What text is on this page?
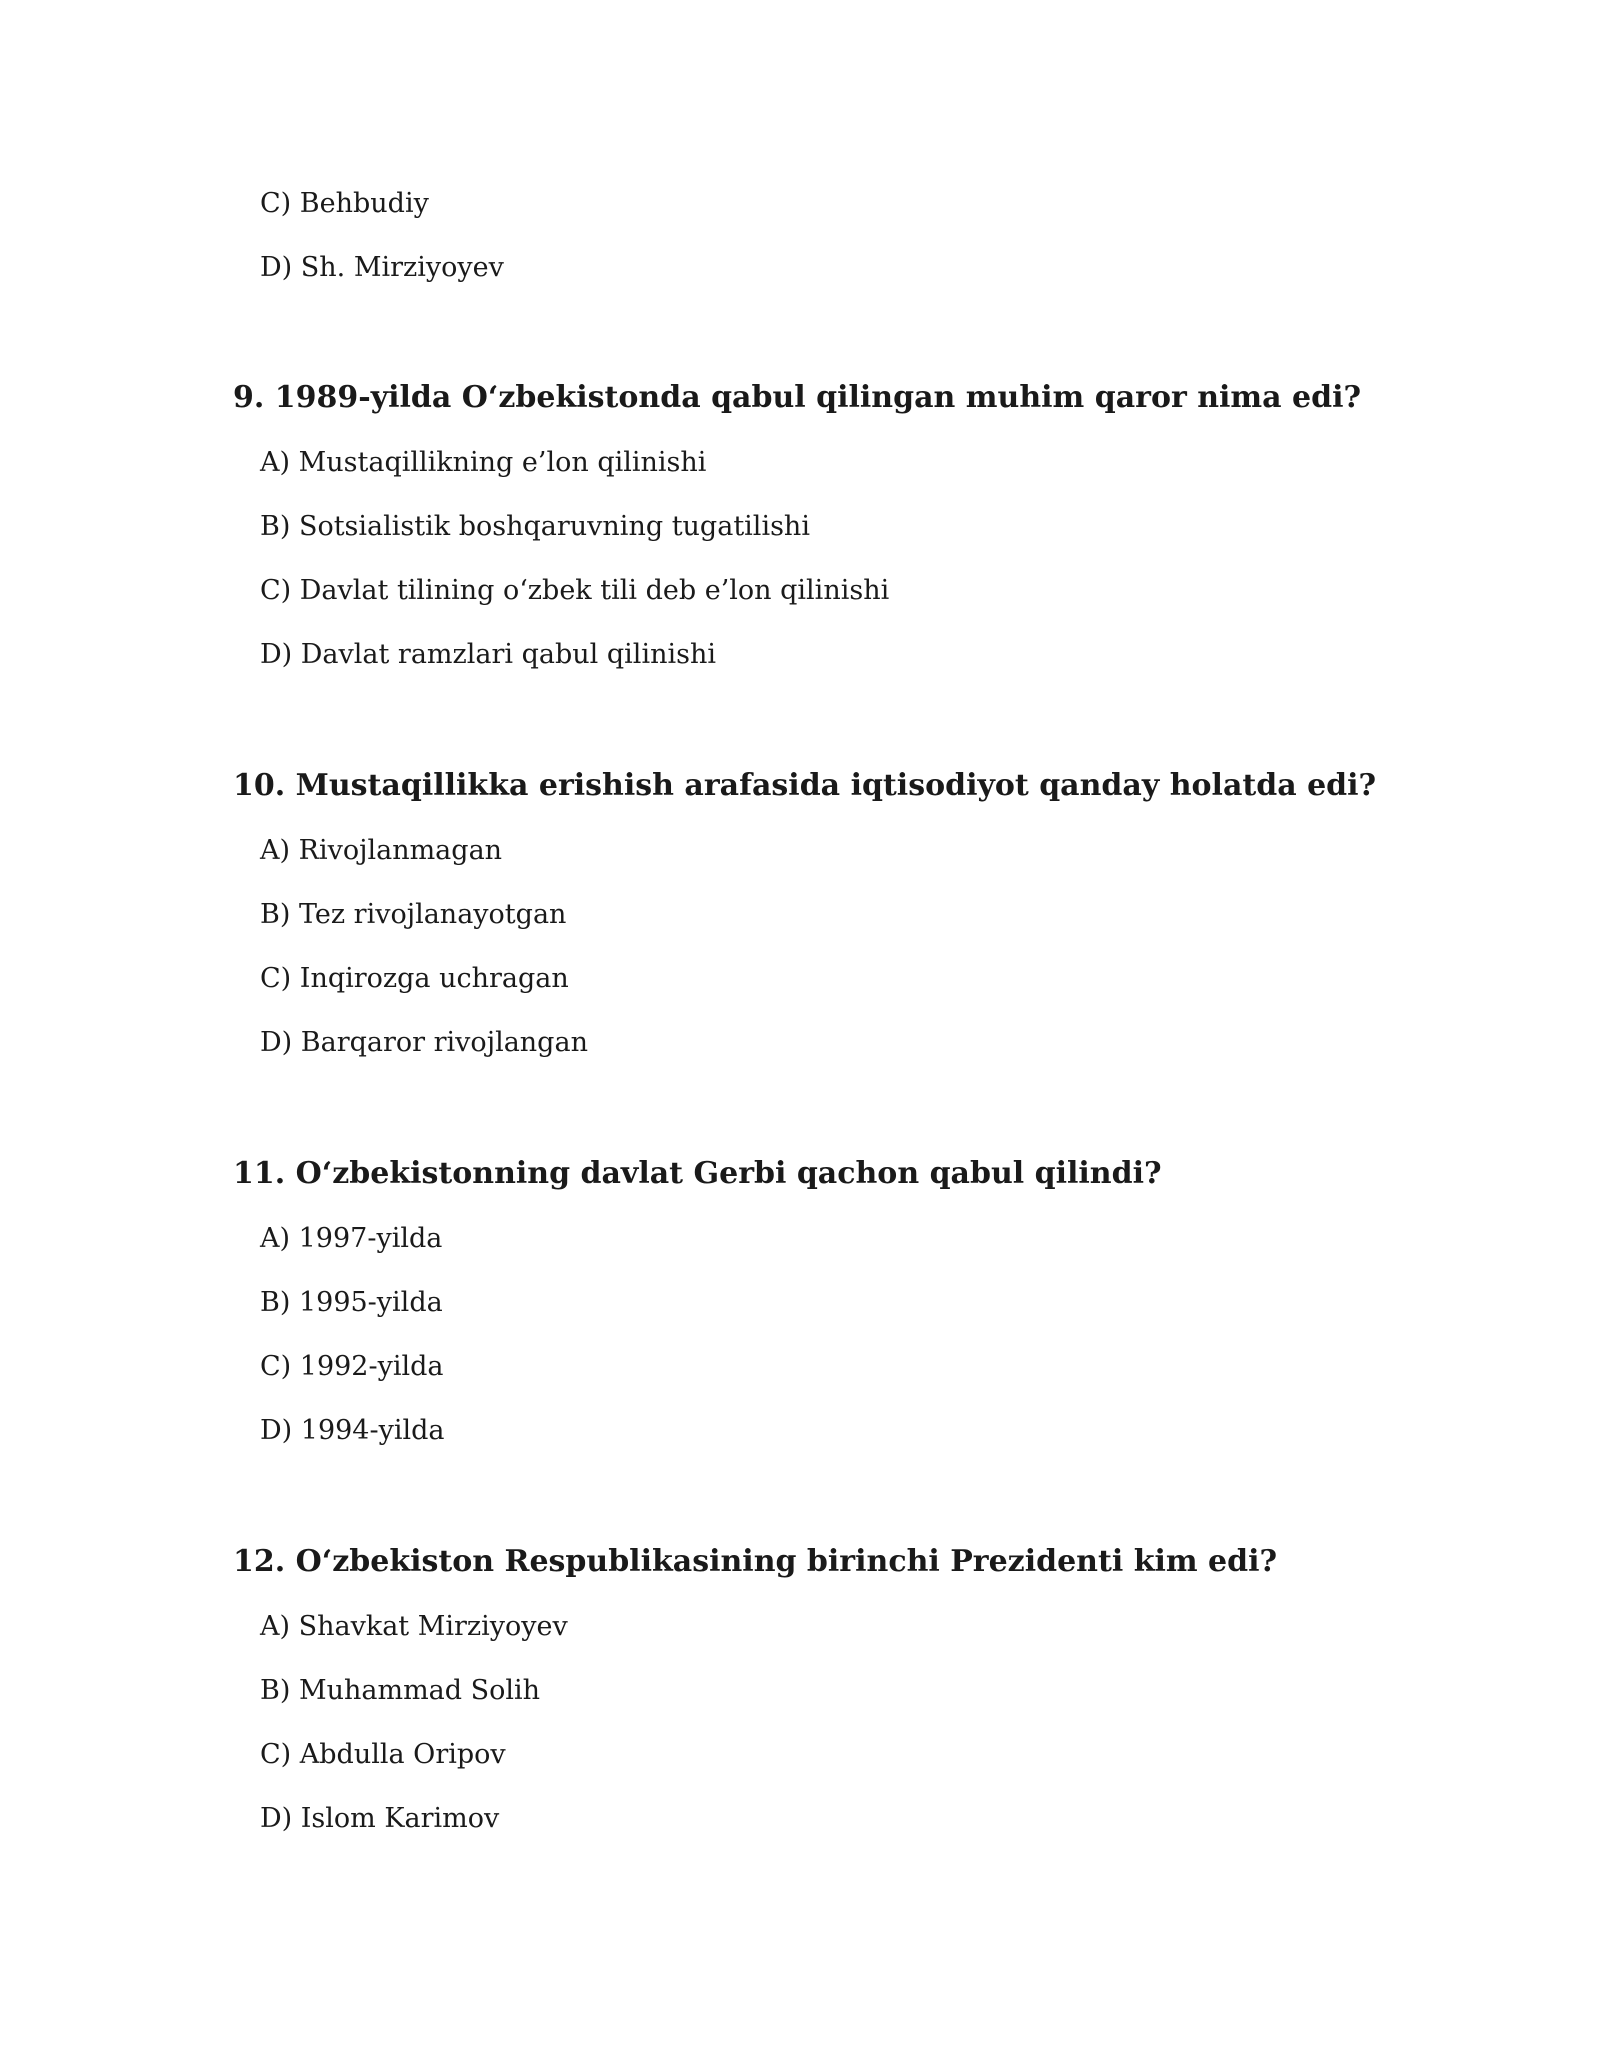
C) Behbudiy
D) Sh. Mirziyoyev
9. 1989-yilda O‘zbekistonda qabul qilingan muhim qaror nima edi?
A) Mustaqillikning e’lon qilinishi
B) Sotsialistik boshqaruvning tugatilishi
C) Davlat tilining o‘zbek tili deb e’lon qilinishi
D) Davlat ramzlari qabul qilinishi
10. Mustaqillikka erishish arafasida iqtisodiyot qanday holatda edi?
A) Rivojlanmagan
B) Tez rivojlanayotgan
C) Inqirozga uchragan
D) Barqaror rivojlangan
11. O‘zbekistonning davlat Gerbi qachon qabul qilindi?
A) 1997-yilda
B) 1995-yilda
C) 1992-yilda
D) 1994-yilda
12. O‘zbekiston Respublikasining birinchi Prezidenti kim edi?
A) Shavkat Mirziyoyev
B) Muhammad Solih
C) Abdulla Oripov
D) Islom Karimov
